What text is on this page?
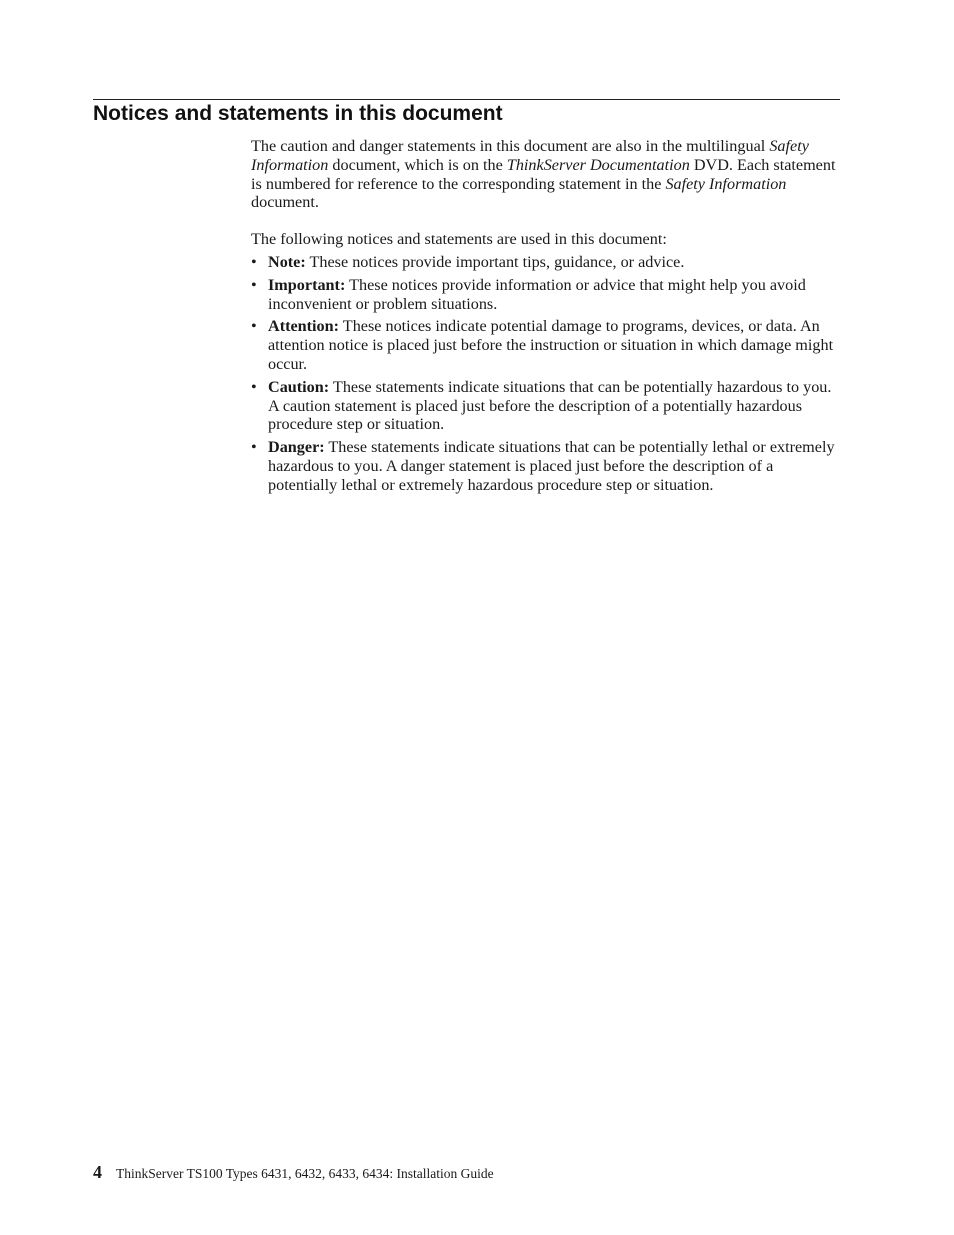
Notices and statements in this document

The caution and danger statements in this document are also in the multilingual Safety Information document, which is on the ThinkServer Documentation DVD. Each statement is numbered for reference to the corresponding statement in the Safety Information document.

The following notices and statements are used in this document:

• Note: These notices provide important tips, guidance, or advice.
• Important: These notices provide information or advice that might help you avoid inconvenient or problem situations.
• Attention: These notices indicate potential damage to programs, devices, or data. An attention notice is placed just before the instruction or situation in which damage might occur.
• Caution: These statements indicate situations that can be potentially hazardous to you. A caution statement is placed just before the description of a potentially hazardous procedure step or situation.
• Danger: These statements indicate situations that can be potentially lethal or extremely hazardous to you. A danger statement is placed just before the description of a potentially lethal or extremely hazardous procedure step or situation.
4 ThinkServer TS100 Types 6431, 6432, 6433, 6434: Installation Guide
